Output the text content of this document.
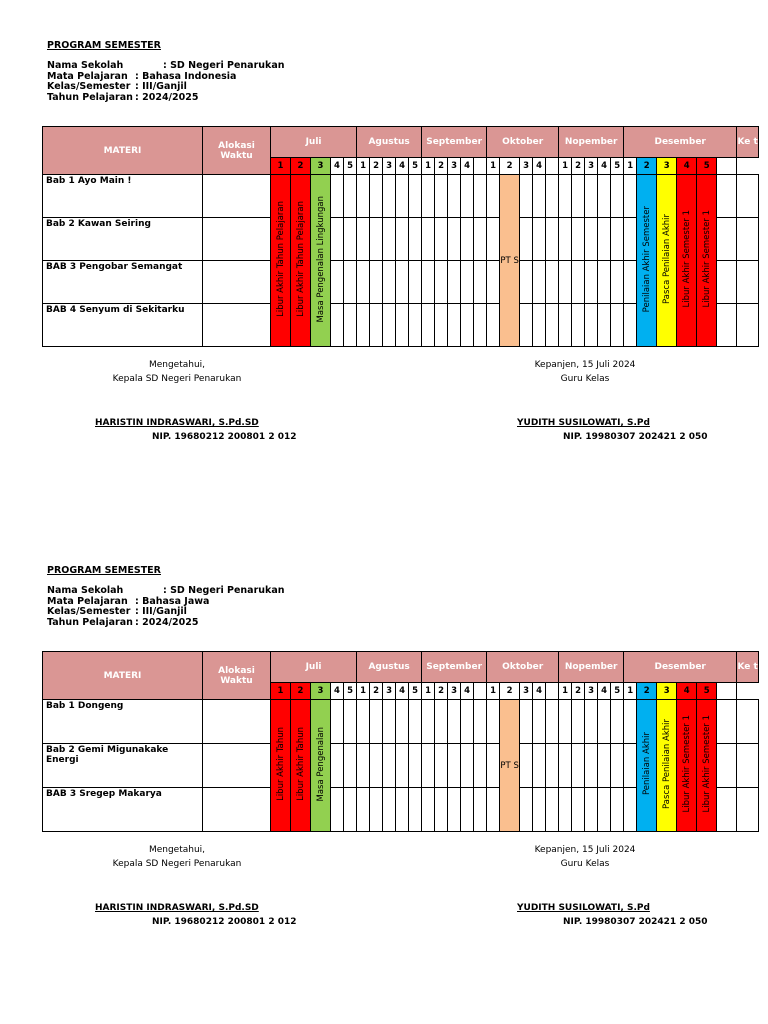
PROGRAM SEMESTER
Nama Sekolah            : SD Negeri Penarukan
Mata Pelajaran : Bahasa Indonesia
Kelas/Semester : III/Ganjil
Tahun Pelajaran : 2024/2025
MATERI	Alokasi Waktu	Juli					Agustus					September					Oktober					Nopember					Desember						Ke t
		1	2	3	4	5	1	2	3	4	5	1	2	3	4		1	2	3	4		1	2	3	4	5	1	2	3	4	5		
Bab 1 Ayo Main !		Libur Akhir Tahun Pelajaran	Libur Akhir Tahun Pelajaran	Masa Pengenalan Lingkungan														PT S										Penilaian Akhir Semester	Pasca Penilaian Akhir	Libur Akhir Semester 1	Libur Akhir Semester 1		
Bab 2 Kawan Seiring																																	
BAB 3 Pengobar Semangat																																	
BAB 4 Senyum di Sekitarku																																	
Mengetahui,
Kepala SD Negeri Penarukan
Kepanjen, 15 Juli 2024
Guru Kelas
HARISTIN INDRASWARI, S.Pd.SD
NIP. 19680212 200801 2 012
YUDITH SUSILOWATI, S.Pd
NIP. 19980307 202421 2 050
PROGRAM SEMESTER
Nama Sekolah            : SD Negeri Penarukan
Mata Pelajaran : Bahasa Jawa
Kelas/Semester : III/Ganjil
Tahun Pelajaran : 2024/2025
MATERI	Alokasi Waktu	Juli					Agustus					September					Oktober					Nopember					Desember						Ke t
		1	2	3	4	5	1	2	3	4	5	1	2	3	4		1	2	3	4		1	2	3	4	5	1	2	3	4	5		
Bab 1 Dongeng		Libur Akhir Tahun	Libur Akhir Tahun	Masa Pengenalan														PT S										Penilaian Akhir	Pasca Penilaian Akhir	Libur Akhir Semester 1	Libur Akhir Semester 1		
Bab 2 Gemi Migunakake Energi																																	
BAB 3 Sregep Makarya																																	
Mengetahui,
Kepala SD Negeri Penarukan
Kepanjen, 15 Juli 2024
Guru Kelas
HARISTIN INDRASWARI, S.Pd.SD
NIP. 19680212 200801 2 012
YUDITH SUSILOWATI, S.Pd
NIP. 19980307 202421 2 050
